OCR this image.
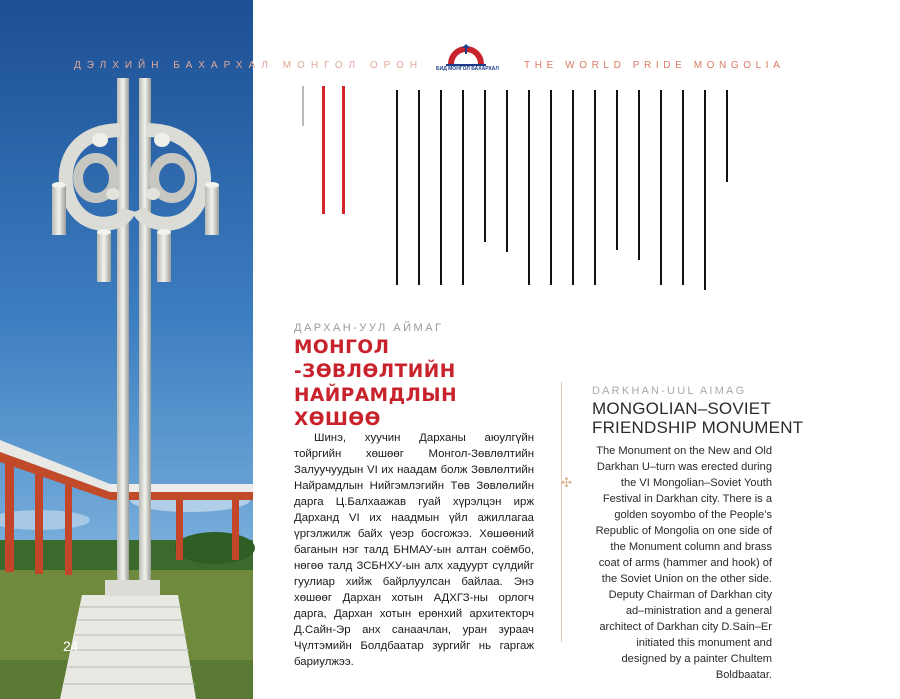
ДЭЛХИЙН БАХАРХАЛ МОНГОЛ ОРОН	THE WORLD PRIDE MONGOLIA
БИД МОНГОЛ БАХАРХАЛ
ДАРХАН-УУЛ АЙМАГ
МОНГОЛ -ЗӨВЛӨЛТИЙН НАЙРАМДЛЫН ХӨШӨӨ
Шинэ, хуучин Дарханы аюулгүйн тойргийн хөшөөг Монгол-Зөвлөлтийн Залуучуудын VI их наадам болж Зөвлөлтийн Найрамдлын Нийгэмлэгийн Төв Зөвлөлийн дарга Ц.Балхаажав гуай хүрэлцэн ирж Дарханд VI их наадмын үйл ажиллагаа үргэлжилж байх үеэр босгожээ. Хөшөөний баганын нэг талд БНМАУ-ын алтан соёмбо, нөгөө талд ЗСБНХУ-ын алх хадуурт сүлдийг гуулиар хийж байрлуулсан байлаа. Энэ хөшөөг Дархан хотын АДХГЗ-ны орлогч дарга, Дархан хотын ерөнхий архитекторч Д.Сайн-Эр анх санаачлан, уран зураач Чүлтэмийн Болдбаатар зургийг нь гаргаж бариулжээ.
✣
DARKHAN-UUL AIMAG
MONGOLIAN–SOVIET FRIENDSHIP MONUMENT
The Monument on the New and Old Darkhan U–turn was erected during the VI Mongolian–Soviet Youth Festival in Darkhan city. There is a golden soyombo of the People’s Republic of Mongolia on one side of the Monument column and brass coat of arms (hammer and hook) of the Soviet Union on the other side. Deputy Chairman of Darkhan city ad–ministration and a general architect of Darkhan city D.Sain–Er initiated this monument and designed by a painter Chultem Boldbaatar.
24
